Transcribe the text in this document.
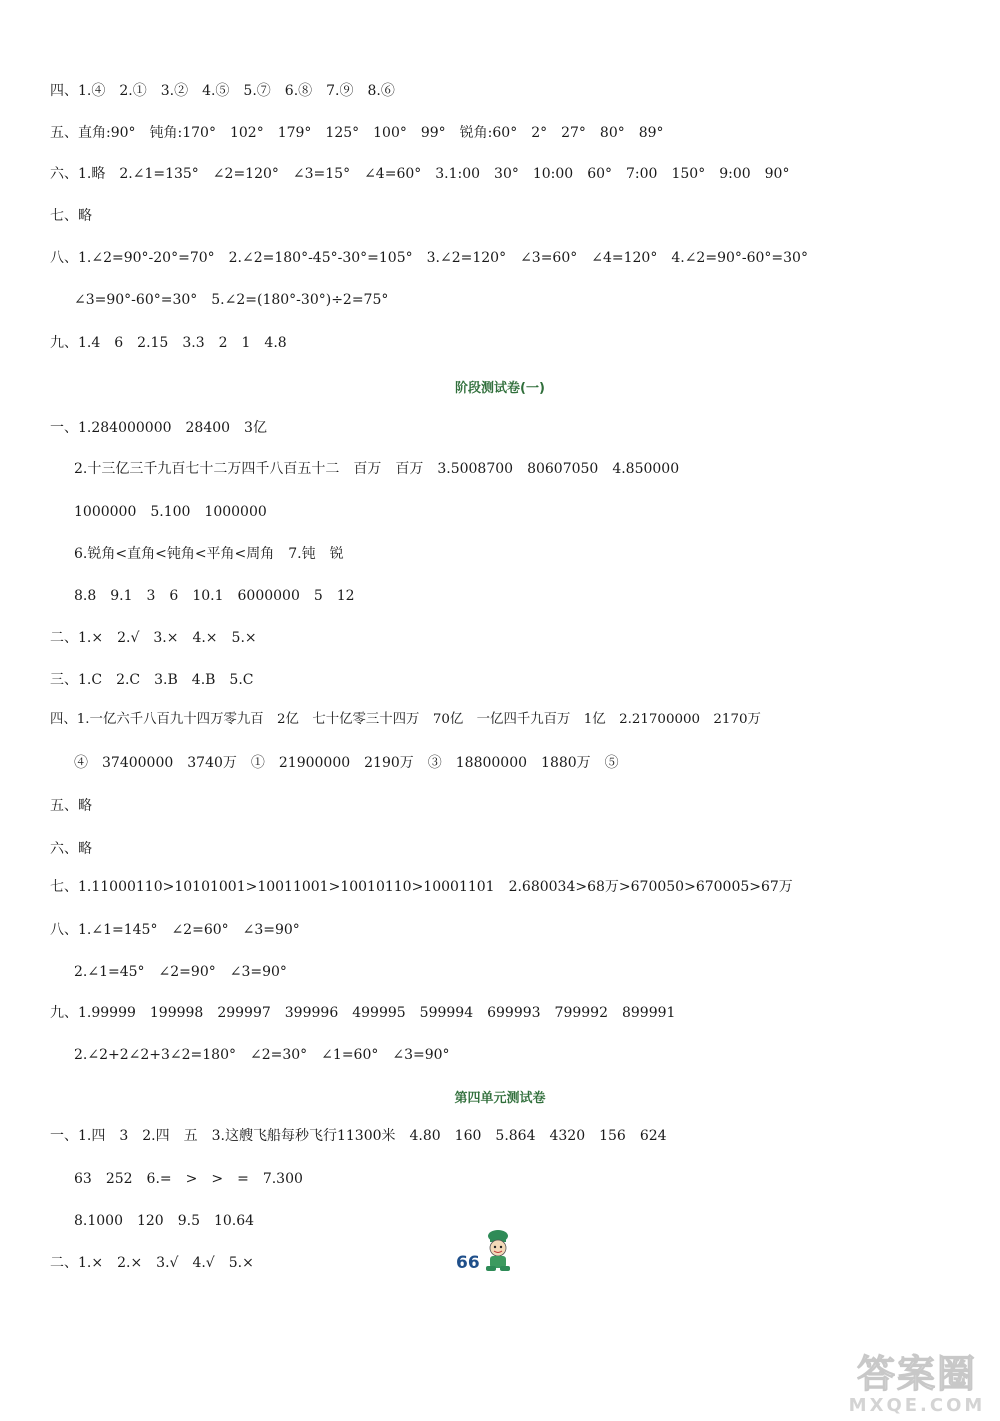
四、1.④　2.①　3.②　4.⑤　5.⑦　6.⑧　7.⑨　8.⑥
五、直角:90°　钝角:170°　102°　179°　125°　100°　99°　锐角:60°　2°　27°　80°　89°
六、1.略　2.∠1=135°　∠2=120°　∠3=15°　∠4=60°　3.1:00　30°　10:00　60°　7:00　150°　9:00　90°
七、略
八、1.∠2=90°-20°=70°　2.∠2=180°-45°-30°=105°　3.∠2=120°　∠3=60°　∠4=120°　4.∠2=90°-60°=30°
∠3=90°-60°=30°　5.∠2=(180°-30°)÷2=75°
九、1.4　6　2.15　3.3　2　1　4.8
阶段测试卷(一)
一、1.284000000　28400　3亿
2.十三亿三千九百七十二万四千八百五十二　百万　百万　3.5008700　80607050　4.850000
1000000　5.100　1000000
6.锐角<直角<钝角<平角<周角　7.钝　锐
8.8　9.1　3　6　10.1　6000000　5　12
二、1.×　2.√　3.×　4.×　5.×
三、1.C　2.C　3.B　4.B　5.C
四、1.一亿六千八百九十四万零九百　2亿　七十亿零三十四万　70亿　一亿四千九百万　1亿　2.21700000　2170万
④　37400000　3740万　①　21900000　2190万　③　18800000　1880万　⑤
五、略
六、略
七、1.11000110>10101001>10011001>10010110>10001101　2.680034>68万>670050>670005>67万
八、1.∠1=145°　∠2=60°　∠3=90°
2.∠1=45°　∠2=90°　∠3=90°
九、1.99999　199998　299997　399996　499995　599994　699993　799992　899991
2.∠2+2∠2+3∠2=180°　∠2=30°　∠1=60°　∠3=90°
第四单元测试卷
一、1.四　3　2.四　五　3.这艘飞船每秒飞行11300米　4.80　160　5.864　4320　156　624
63　252　6.=　>　>　=　7.300
8.1000　120　9.5　10.64
二、1.×　2.×　3.√　4.√　5.×	66
答案圈
MXQE.COM
